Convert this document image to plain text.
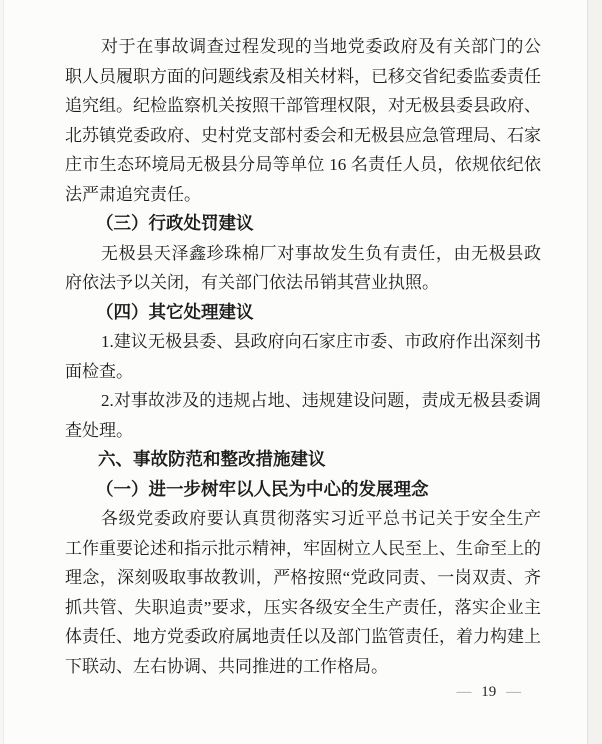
对于在事故调查过程发现的当地党委政府及有关部门的公职人员履职方面的问题线索及相关材料，已移交省纪委监委责任追究组。纪检监察机关按照干部管理权限，对无极县委县政府、北苏镇党委政府、史村党支部村委会和无极县应急管理局、石家庄市生态环境局无极县分局等单位 16 名责任人员，依规依纪依法严肃追究责任。

（三）行政处罚建议

无极县天泽鑫珍珠棉厂对事故发生负有责任，由无极县政府依法予以关闭，有关部门依法吊销其营业执照。

（四）其它处理建议

1.建议无极县委、县政府向石家庄市委、市政府作出深刻书面检查。

2.对事故涉及的违规占地、违规建设问题，责成无极县委调查处理。

六、事故防范和整改措施建议

（一）进一步树牢以人民为中心的发展理念

各级党委政府要认真贯彻落实习近平总书记关于安全生产工作重要论述和指示批示精神，牢固树立人民至上、生命至上的理念，深刻吸取事故教训，严格按照“党政同责、一岗双责、齐抓共管、失职追责”要求，压实各级安全生产责任，落实企业主体责任、地方党委政府属地责任以及部门监管责任，着力构建上下联动、左右协调、共同推进的工作格局。

— 19 —
